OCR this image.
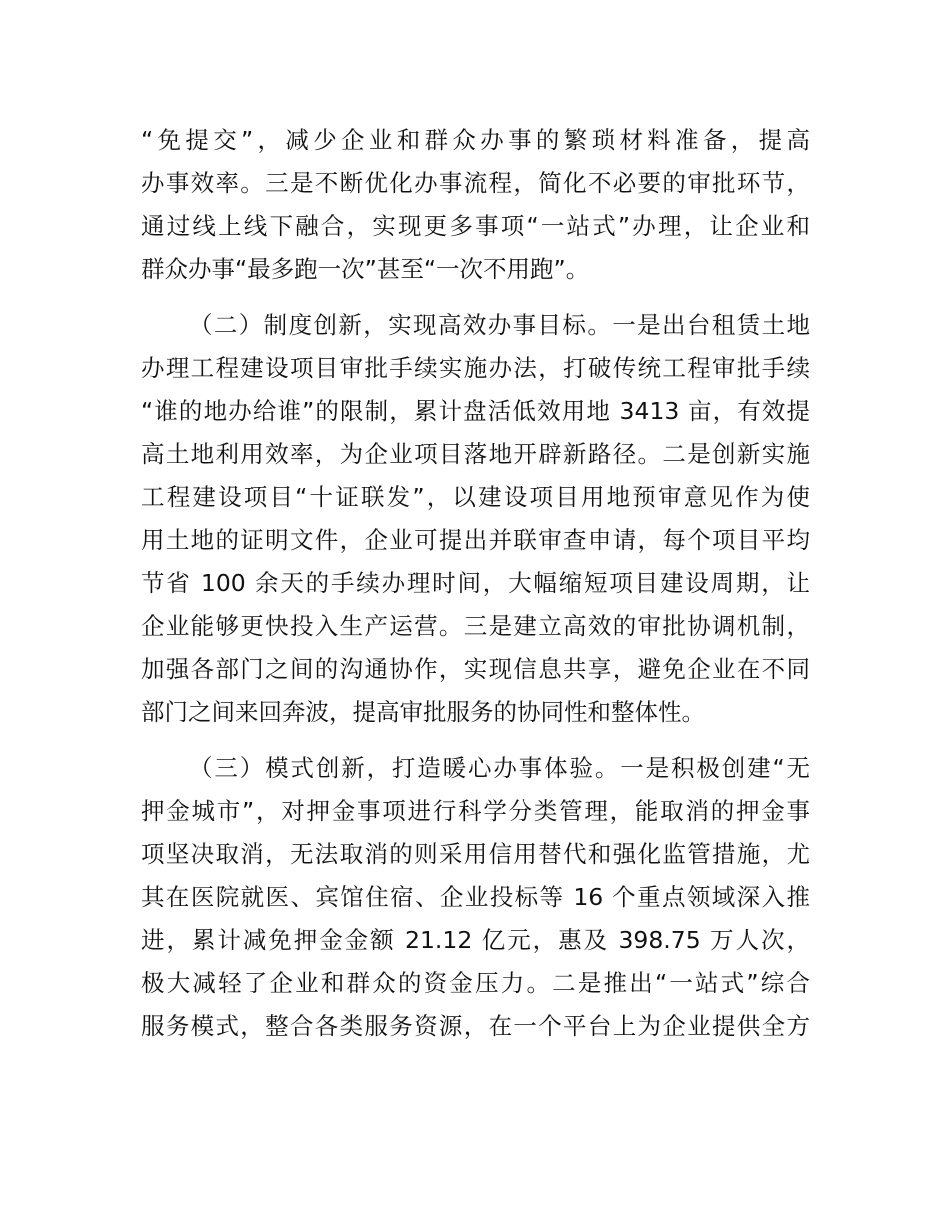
“免提交”，减少企业和群众办事的繁琐材料准备，提高
办事效率。三是不断优化办事流程，简化不必要的审批环节，
通过线上线下融合，实现更多事项“一站式”办理，让企业和
群众办事“最多跑一次”甚至“一次不用跑”。
（二）制度创新，实现高效办事目标。一是出台租赁土地
办理工程建设项目审批手续实施办法，打破传统工程审批手续
“谁的地办给谁”的限制，累计盘活低效用地 3413 亩，有效提
高土地利用效率，为企业项目落地开辟新路径。二是创新实施
工程建设项目“十证联发”，以建设项目用地预审意见作为使
用土地的证明文件，企业可提出并联审查申请，每个项目平均
节省 100 余天的手续办理时间，大幅缩短项目建设周期，让
企业能够更快投入生产运营。三是建立高效的审批协调机制，
加强各部门之间的沟通协作，实现信息共享，避免企业在不同
部门之间来回奔波，提高审批服务的协同性和整体性。
（三）模式创新，打造暖心办事体验。一是积极创建“无
押金城市”，对押金事项进行科学分类管理，能取消的押金事
项坚决取消，无法取消的则采用信用替代和强化监管措施，尤
其在医院就医、宾馆住宿、企业投标等 16 个重点领域深入推
进，累计减免押金金额 21.12 亿元，惠及 398.75 万人次，
极大减轻了企业和群众的资金压力。二是推出“一站式”综合
服务模式，整合各类服务资源，在一个平台上为企业提供全方
